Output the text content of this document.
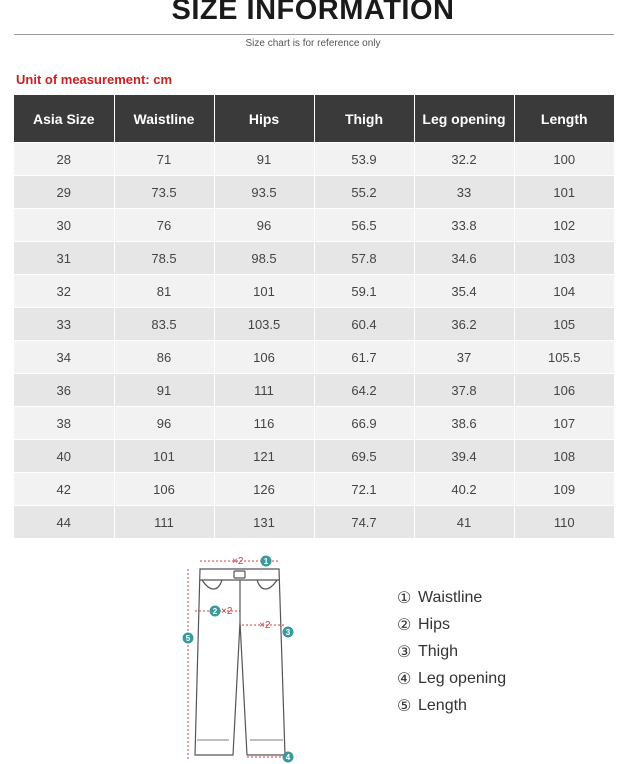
SIZE INFORMATION
Size chart is for reference only
Unit of measurement: cm
Asia Size	Waistline	Hips	Thigh	Leg opening	Length
28	71	91	53.9	32.2	100
29	73.5	93.5	55.2	33	101
30	76	96	56.5	33.8	102
31	78.5	98.5	57.8	34.6	103
32	81	101	59.1	35.4	104
33	83.5	103.5	60.4	36.2	105
34	86	106	61.7	37	105.5
36	91	111	64.2	37.8	106
38	96	116	66.9	38.6	107
40	101	121	69.5	39.4	108
42	106	126	72.1	40.2	109
44	111	131	74.7	41	110
×2
×2
×2
1
2
3
4
5
① Waistline
② Hips
③ Thigh
④ Leg opening
⑤ Length
